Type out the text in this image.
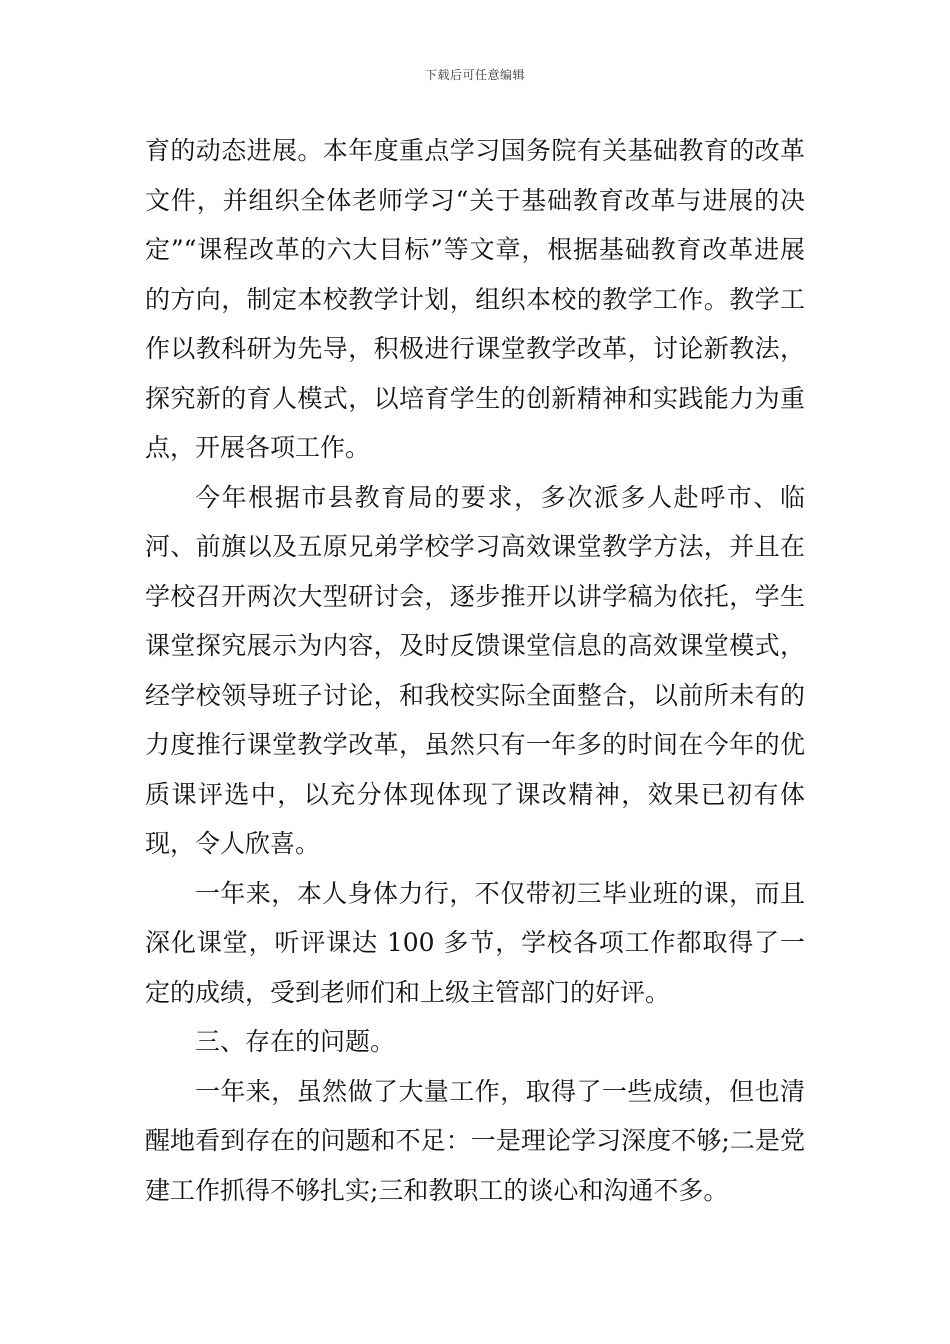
下载后可任意编辑

育的动态进展。本年度重点学习国务院有关基础教育的改革文件，并组织全体老师学习“关于基础教育改革与进展的决定”“课程改革的六大目标”等文章，根据基础教育改革进展的方向，制定本校教学计划，组织本校的教学工作。教学工作以教科研为先导，积极进行课堂教学改革，讨论新教法，探究新的育人模式，以培育学生的创新精神和实践能力为重点，开展各项工作。

今年根据市县教育局的要求，多次派多人赴呼市、临河、前旗以及五原兄弟学校学习高效课堂教学方法，并且在学校召开两次大型研讨会，逐步推开以讲学稿为依托，学生课堂探究展示为内容，及时反馈课堂信息的高效课堂模式，经学校领导班子讨论，和我校实际全面整合，以前所未有的力度推行课堂教学改革，虽然只有一年多的时间在今年的优质课评选中，以充分体现体现了课改精神，效果已初有体现，令人欣喜。

一年来，本人身体力行，不仅带初三毕业班的课，而且深化课堂，听评课达 100 多节，学校各项工作都取得了一定的成绩，受到老师们和上级主管部门的好评。

三、存在的问题。

一年来，虽然做了大量工作，取得了一些成绩，但也清醒地看到存在的问题和不足：一是理论学习深度不够;二是党建工作抓得不够扎实;三和教职工的谈心和沟通不多。
